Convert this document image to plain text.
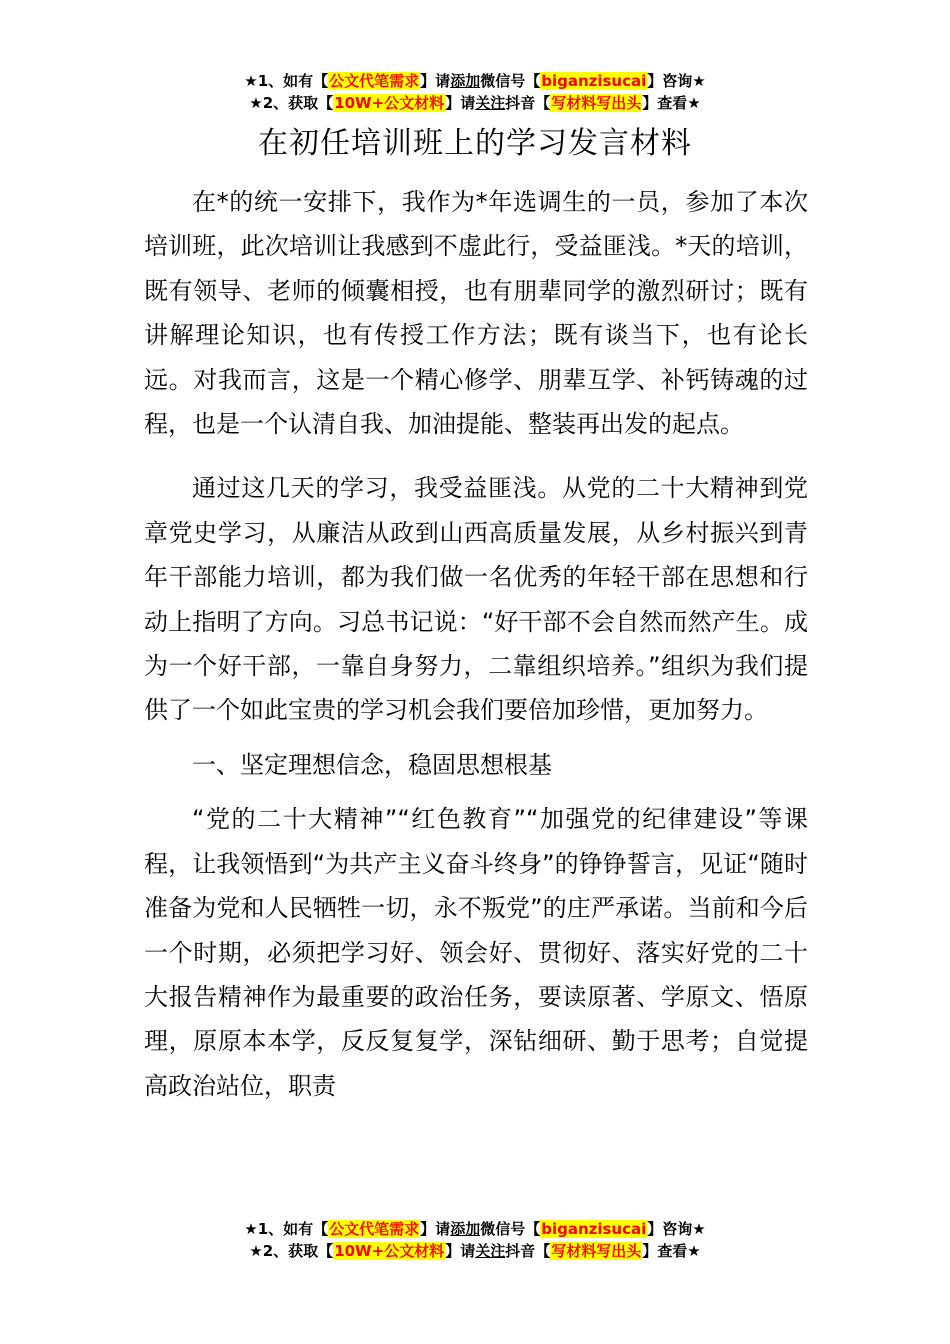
★1、如有【公文代笔需求】请添加微信号【biganzisucai】咨询★
★2、获取【10W+公文材料】请关注抖音【写材料写出头】查看★
在初任培训班上的学习发言材料

在*的统一安排下，我作为*年选调生的一员，参加了本次培训班，此次培训让我感到不虚此行，受益匪浅。*天的培训，既有领导、老师的倾囊相授，也有朋辈同学的激烈研讨；既有讲解理论知识，也有传授工作方法；既有谈当下，也有论长远。对我而言，这是一个精心修学、朋辈互学、补钙铸魂的过程，也是一个认清自我、加油提能、整装再出发的起点。

通过这几天的学习，我受益匪浅。从党的二十大精神到党章党史学习，从廉洁从政到山西高质量发展，从乡村振兴到青年干部能力培训，都为我们做一名优秀的年轻干部在思想和行动上指明了方向。习总书记说：“好干部不会自然而然产生。成为一个好干部，一靠自身努力，二靠组织培养。”组织为我们提供了一个如此宝贵的学习机会我们要倍加珍惜，更加努力。

一、坚定理想信念，稳固思想根基

“党的二十大精神”“红色教育”“加强党的纪律建设”等课程，让我领悟到“为共产主义奋斗终身”的铮铮誓言，见证“随时准备为党和人民牺牲一切，永不叛党”的庄严承诺。当前和今后一个时期，必须把学习好、领会好、贯彻好、落实好党的二十大报告精神作为最重要的政治任务，要读原著、学原文、悟原理，原原本本学，反反复复学，深钻细研、勤于思考；自觉提高政治站位，职责

★1、如有【公文代笔需求】请添加微信号【biganzisucai】咨询★
★2、获取【10W+公文材料】请关注抖音【写材料写出头】查看★
